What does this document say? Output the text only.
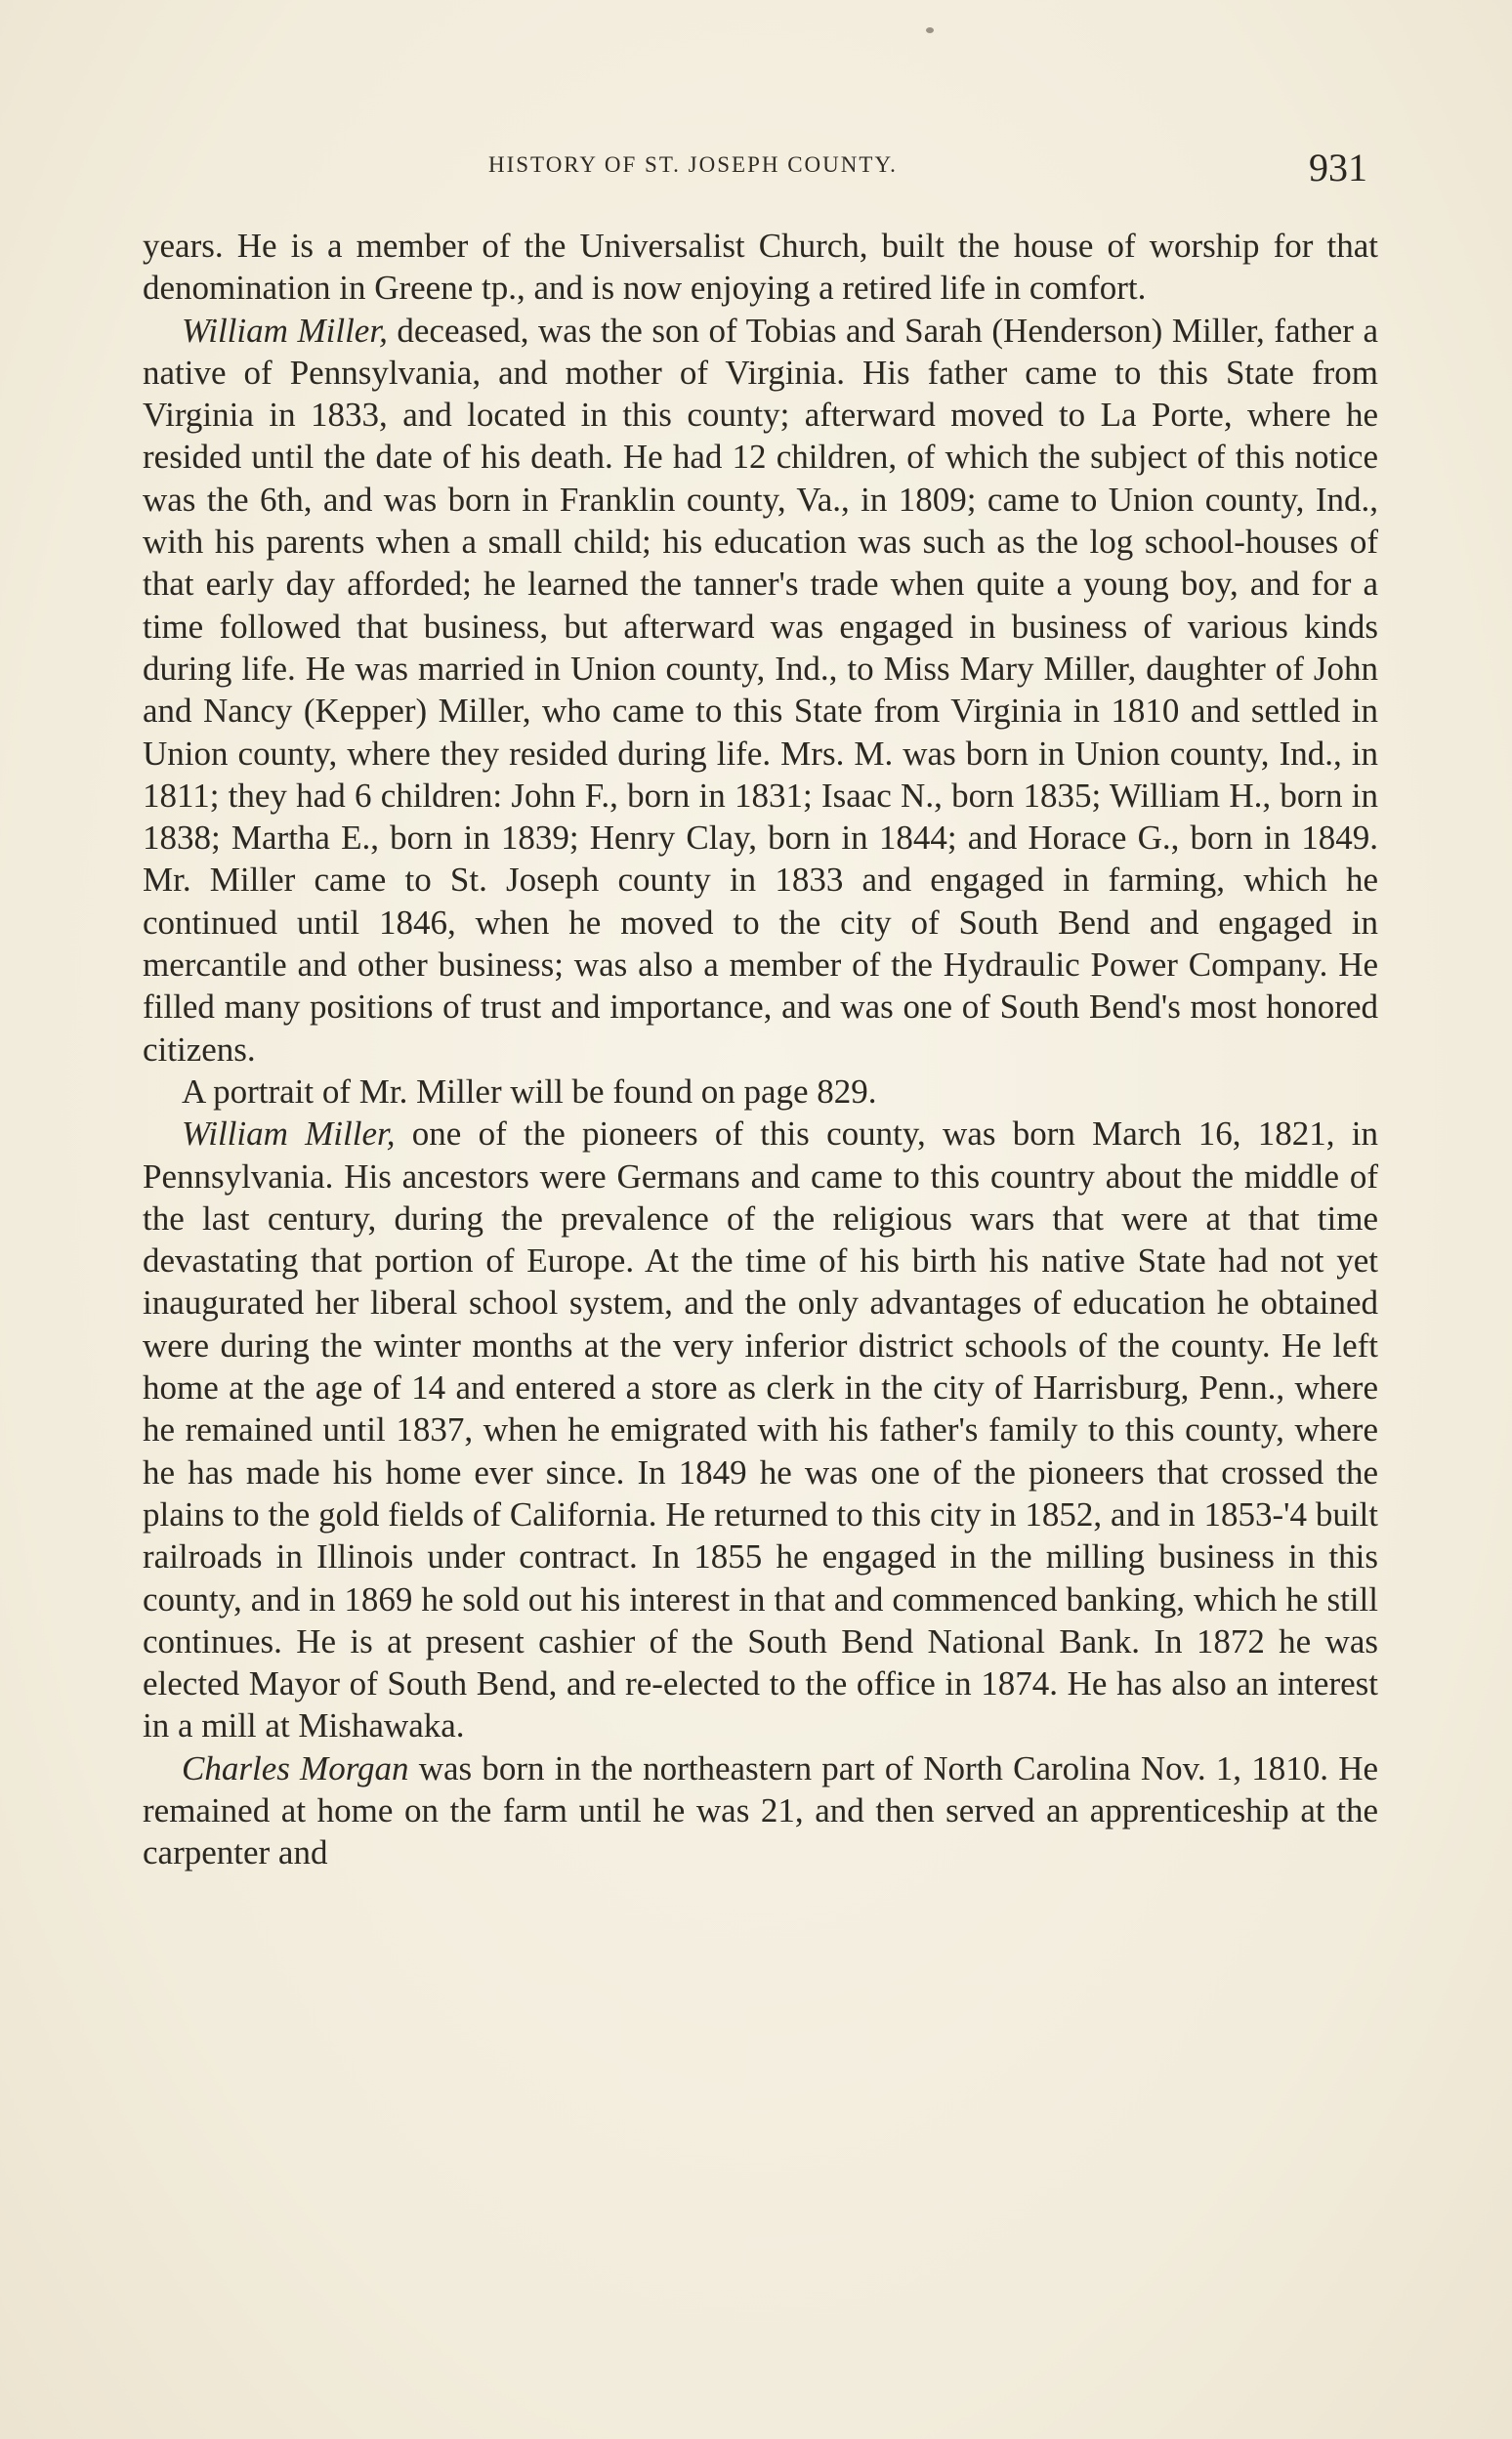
HISTORY OF ST. JOSEPH COUNTY.	931

years. He is a member of the Universalist Church, built the house of worship for that denomination in Greene tp., and is now enjoying a retired life in comfort.

William Miller, deceased, was the son of Tobias and Sarah (Henderson) Miller, father a native of Pennsylvania, and mother of Virginia. His father came to this State from Virginia in 1833, and located in this county; afterward moved to La Porte, where he resided until the date of his death. He had 12 children, of which the subject of this notice was the 6th, and was born in Franklin county, Va., in 1809; came to Union county, Ind., with his parents when a small child; his education was such as the log school-houses of that early day afforded; he learned the tanner's trade when quite a young boy, and for a time followed that business, but afterward was engaged in business of various kinds during life. He was married in Union county, Ind., to Miss Mary Miller, daughter of John and Nancy (Kepper) Miller, who came to this State from Virginia in 1810 and settled in Union county, where they resided during life. Mrs. M. was born in Union county, Ind., in 1811; they had 6 children: John F., born in 1831; Isaac N., born 1835; William H., born in 1838; Martha E., born in 1839; Henry Clay, born in 1844; and Horace G., born in 1849. Mr. Miller came to St. Joseph county in 1833 and engaged in farming, which he continued until 1846, when he moved to the city of South Bend and engaged in mercantile and other business; was also a member of the Hydraulic Power Company. He filled many positions of trust and importance, and was one of South Bend's most honored citizens.

A portrait of Mr. Miller will be found on page 829.

William Miller, one of the pioneers of this county, was born March 16, 1821, in Pennsylvania. His ancestors were Germans and came to this country about the middle of the last century, during the prevalence of the religious wars that were at that time devastating that portion of Europe. At the time of his birth his native State had not yet inaugurated her liberal school system, and the only advantages of education he obtained were during the winter months at the very inferior district schools of the county. He left home at the age of 14 and entered a store as clerk in the city of Harrisburg, Penn., where he remained until 1837, when he emigrated with his father's family to this county, where he has made his home ever since. In 1849 he was one of the pioneers that crossed the plains to the gold fields of California. He returned to this city in 1852, and in 1853-'4 built railroads in Illinois under contract. In 1855 he engaged in the milling business in this county, and in 1869 he sold out his interest in that and commenced banking, which he still continues. He is at present cashier of the South Bend National Bank. In 1872 he was elected Mayor of South Bend, and re-elected to the office in 1874. He has also an interest in a mill at Mishawaka.

Charles Morgan was born in the northeastern part of North Carolina Nov. 1, 1810. He remained at home on the farm until he was 21, and then served an apprenticeship at the carpenter and
